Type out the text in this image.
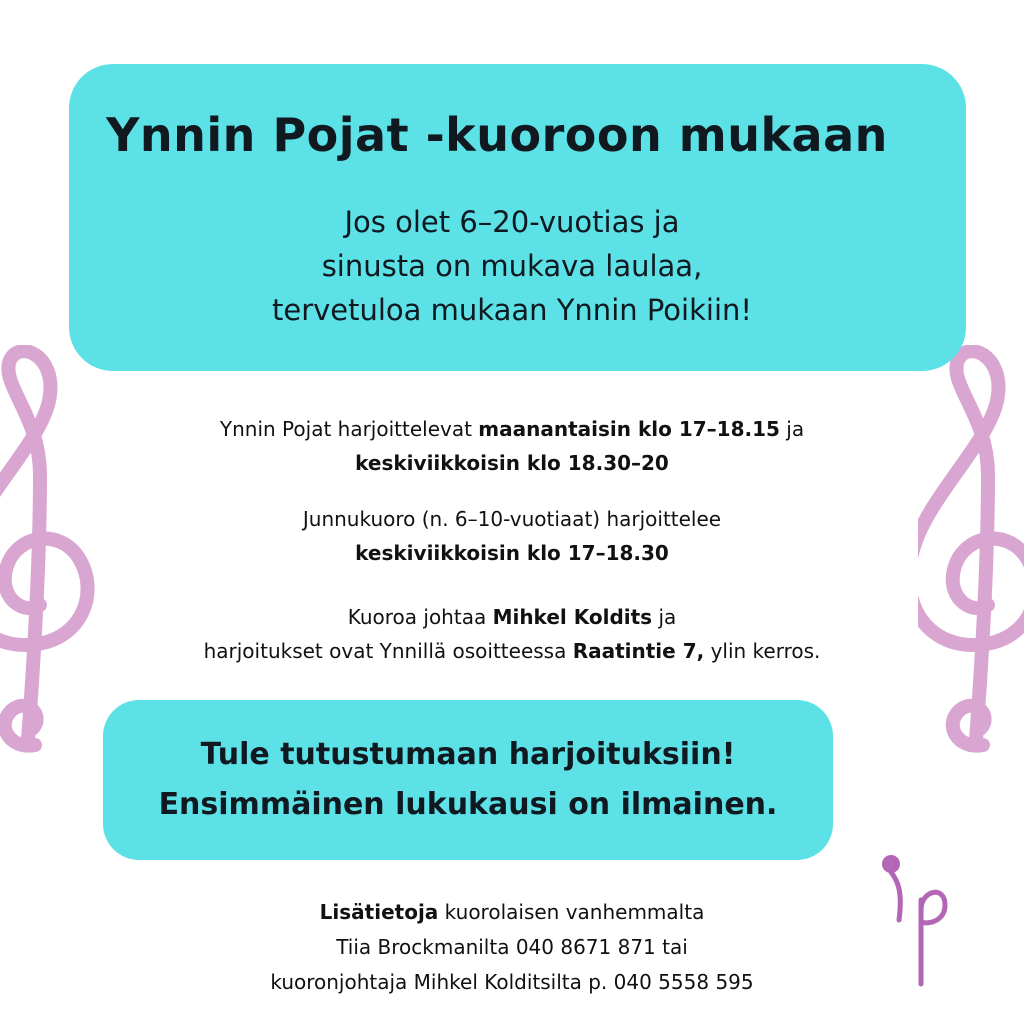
Ynnin Pojat -kuoroon mukaan
Jos olet 6–20-vuotias ja
sinusta on mukava laulaa,
tervetuloa mukaan Ynnin Poikiin!
Ynnin Pojat harjoittelevat maanantaisin klo 17–18.15 ja
keskiviikkoisin klo 18.30–20
Junnukuoro (n. 6–10-vuotiaat) harjoittelee
keskiviikkoisin klo 17–18.30
Kuoroa johtaa Mihkel Koldits ja
harjoitukset ovat Ynnillä osoitteessa Raatintie 7, ylin kerros.
Tule tutustumaan harjoituksiin!
Ensimmäinen lukukausi on ilmainen.
Lisätietoja kuorolaisen vanhemmalta
Tiia Brockmanilta 040 8671 871 tai
kuoronjohtaja Mihkel Kolditsilta p. 040 5558 595
